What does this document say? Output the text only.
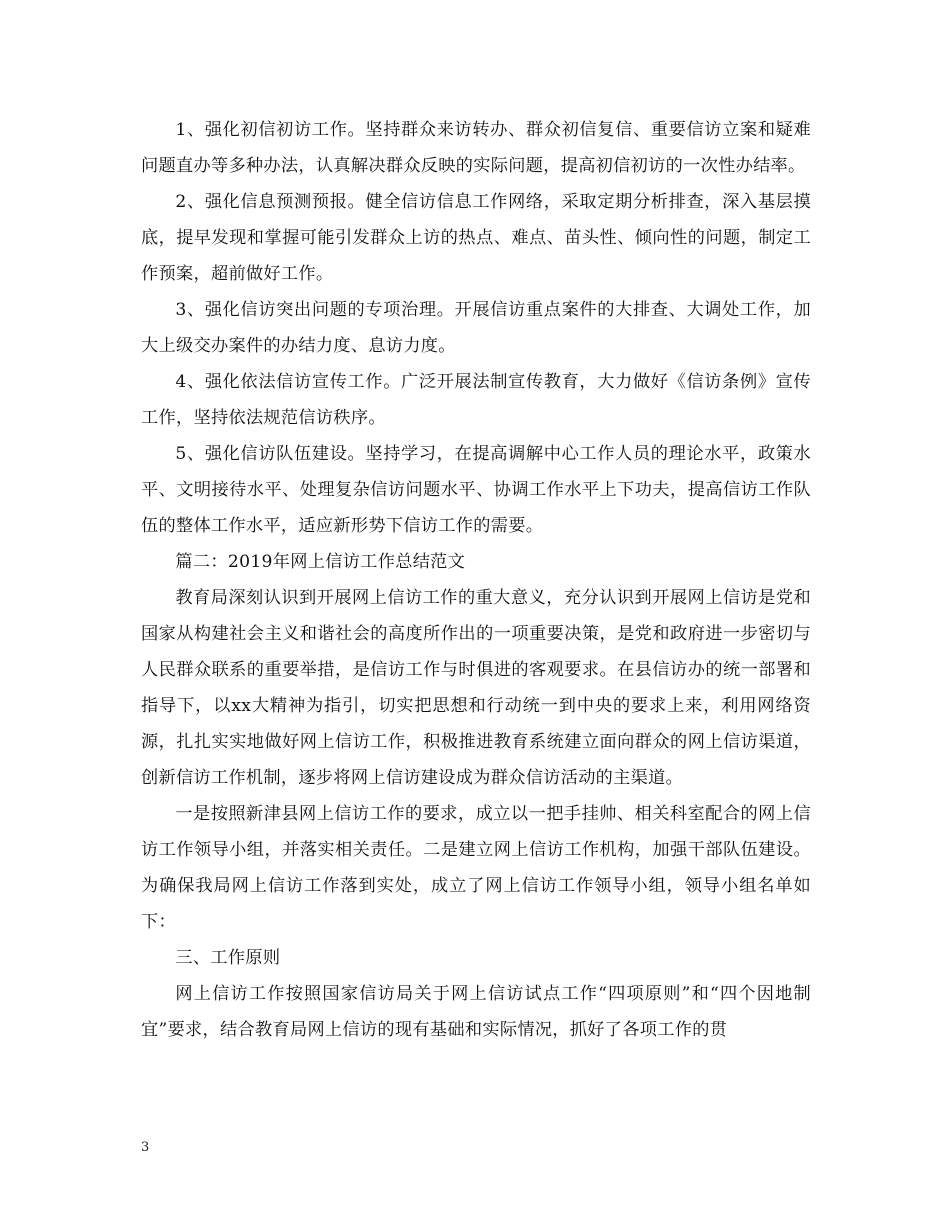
1、强化初信初访工作。坚持群众来访转办、群众初信复信、重要信访立案和疑难问题直办等多种办法，认真解决群众反映的实际问题，提高初信初访的一次性办结率。

2、强化信息预测预报。健全信访信息工作网络，采取定期分析排查，深入基层摸底，提早发现和掌握可能引发群众上访的热点、难点、苗头性、倾向性的问题，制定工作预案，超前做好工作。

3、强化信访突出问题的专项治理。开展信访重点案件的大排查、大调处工作，加大上级交办案件的办结力度、息访力度。

4、强化依法信访宣传工作。广泛开展法制宣传教育，大力做好《信访条例》宣传工作，坚持依法规范信访秩序。

5、强化信访队伍建设。坚持学习，在提高调解中心工作人员的理论水平，政策水平、文明接待水平、处理复杂信访问题水平、协调工作水平上下功夫，提高信访工作队伍的整体工作水平，适应新形势下信访工作的需要。

篇二：2019年网上信访工作总结范文

教育局深刻认识到开展网上信访工作的重大意义，充分认识到开展网上信访是党和国家从构建社会主义和谐社会的高度所作出的一项重要决策，是党和政府进一步密切与人民群众联系的重要举措，是信访工作与时俱进的客观要求。在县信访办的统一部署和指导下，以xx大精神为指引，切实把思想和行动统一到中央的要求上来，利用网络资源，扎扎实实地做好网上信访工作，积极推进教育系统建立面向群众的网上信访渠道，创新信访工作机制，逐步将网上信访建设成为群众信访活动的主渠道。

一是按照新津县网上信访工作的要求，成立以一把手挂帅、相关科室配合的网上信访工作领导小组，并落实相关责任。二是建立网上信访工作机构，加强干部队伍建设。为确保我局网上信访工作落到实处，成立了网上信访工作领导小组，领导小组名单如下：

三、工作原则

网上信访工作按照国家信访局关于网上信访试点工作“四项原则”和“四个因地制宜”要求，结合教育局网上信访的现有基础和实际情况，抓好了各项工作的贯

3
